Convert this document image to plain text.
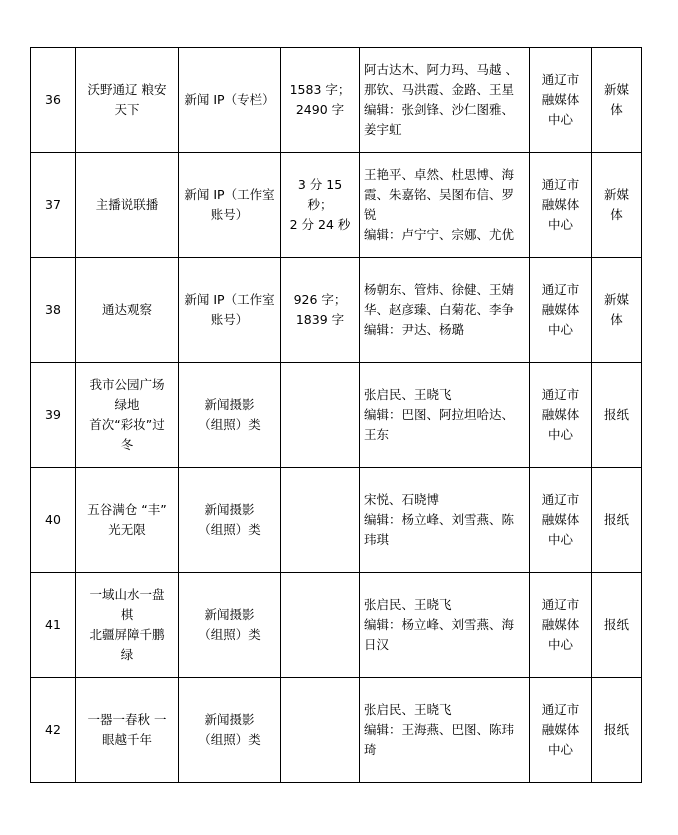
36	沃野通辽 粮安
天下	新闻 IP（专栏）	1583 字；
2490 字	阿古达木、阿力玛、马越 、
那钦、马洪霞、金路、王星
编辑：张剑锋、沙仁图雅、
姜宇虹	通辽市
融媒体
中心	新媒
体

37	主播说联播	新闻 IP（工作室
账号）	3 分 15 秒；
2 分 24 秒	王艳平、卓然、杜思博、海
霞、朱嘉铭、吴图布信、罗
锐
编辑：卢宁宁、宗娜、尤优	通辽市
融媒体
中心	新媒
体

38	通达观察	新闻 IP（工作室
账号）	926 字；
1839 字	杨朝东、管炜、徐健、王婧
华、赵彦臻、白菊花、李争
编辑：尹达、杨璐	通辽市
融媒体
中心	新媒
体

39	我市公园广场
绿地
首次“彩妆”过
冬	新闻摄影
（组照）类		张启民、王晓飞
编辑：巴图、阿拉坦哈达、
王东	通辽市
融媒体
中心	报纸

40	五谷满仓 “丰”
光无限	新闻摄影
（组照）类		宋悦、石晓博
编辑：杨立峰、刘雪燕、陈
玮琪	通辽市
融媒体
中心	报纸

41	一域山水一盘
棋
北疆屏障千鹏
绿	新闻摄影
（组照）类		张启民、王晓飞
编辑：杨立峰、刘雪燕、海
日汉	通辽市
融媒体
中心	报纸

42	一器一春秋 一
眼越千年	新闻摄影
（组照）类		张启民、王晓飞
编辑：王海燕、巴图、陈玮
琦	通辽市
融媒体
中心	报纸
